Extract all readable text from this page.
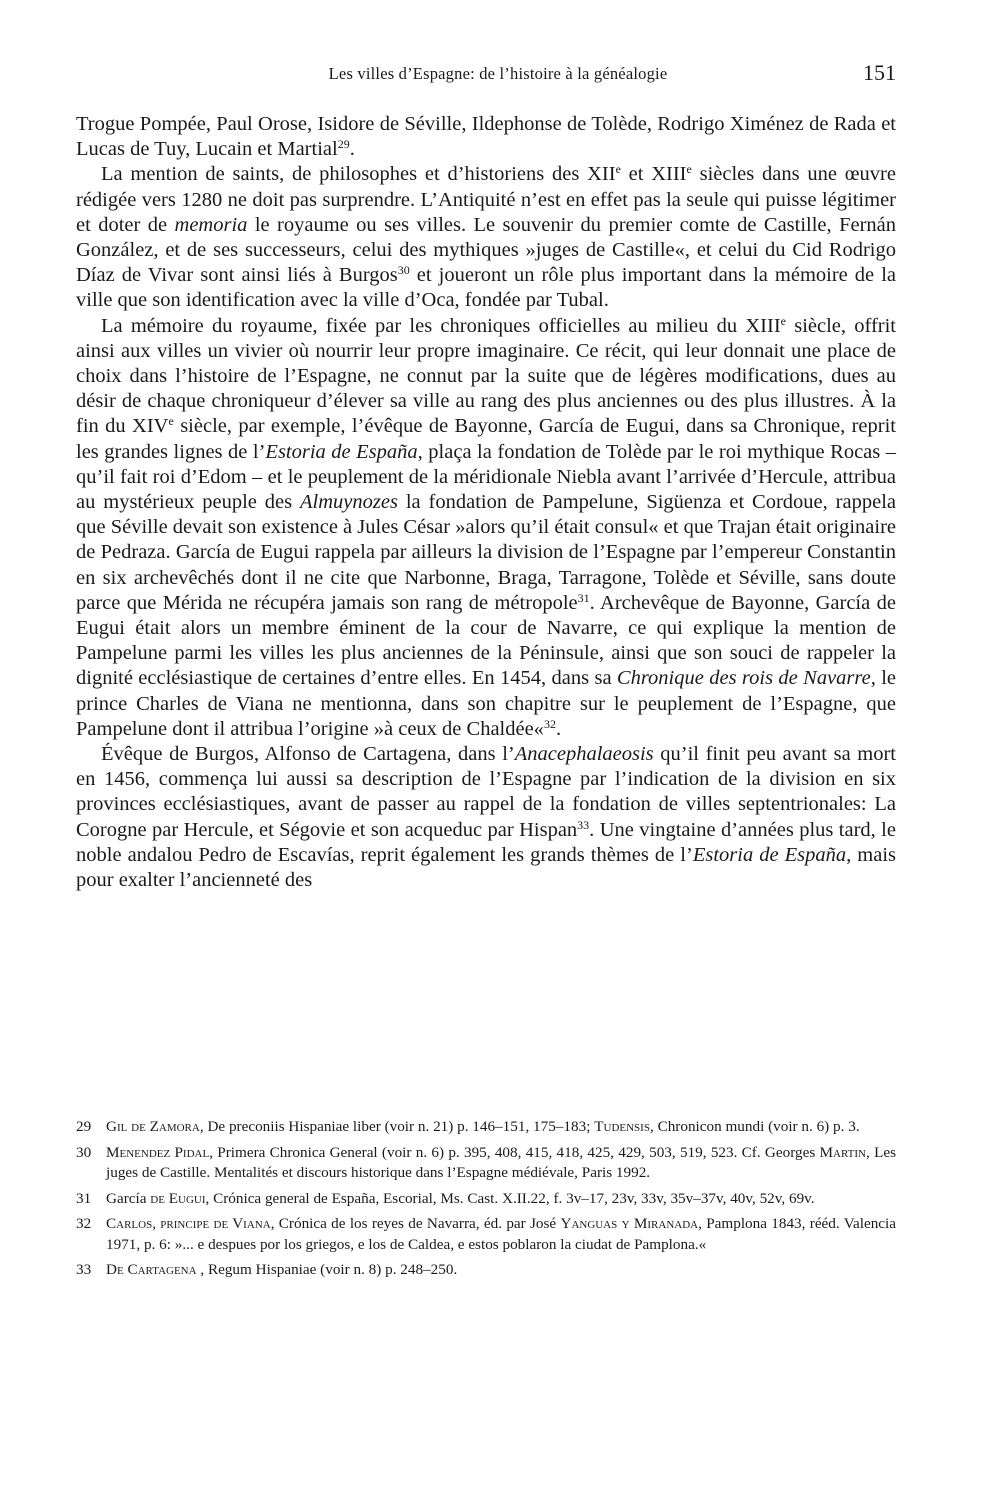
Les villes d’Espagne: de l’histoire à la généalogie	151

Trogue Pompée, Paul Orose, Isidore de Séville, Ildephonse de Tolède, Rodrigo Ximénez de Rada et Lucas de Tuy, Lucain et Martial$^{29}$.

La mention de saints, de philosophes et d’historiens des XIIe et XIIIe siècles dans une œuvre rédigée vers 1280 ne doit pas surprendre. L’Antiquité n’est en effet pas la seule qui puisse légitimer et doter de memoria le royaume ou ses villes. Le souvenir du premier comte de Castille, Fernán González, et de ses successeurs, celui des mythiques »juges de Castille«, et celui du Cid Rodrigo Díaz de Vivar sont ainsi liés à Burgos$^{30}$ et joueront un rôle plus important dans la mémoire de la ville que son identification avec la ville d’Oca, fondée par Tubal.

La mémoire du royaume, fixée par les chroniques officielles au milieu du XIIIe siècle, offrit ainsi aux villes un vivier où nourrir leur propre imaginaire. Ce récit, qui leur donnait une place de choix dans l’histoire de l’Espagne, ne connut par la suite que de légères modifications, dues au désir de chaque chroniqueur d’élever sa ville au rang des plus anciennes ou des plus illustres. À la fin du XIVe siècle, par exemple, l’évêque de Bayonne, García de Eugui, dans sa Chronique, reprit les grandes lignes de l’Estoria de España, plaça la fondation de Tolède par le roi mythique Rocas – qu’il fait roi d’Edom – et le peuplement de la méridionale Niebla avant l’arrivée d’Hercule, attribua au mystérieux peuple des Almuynozes la fondation de Pampelune, Sigüenza et Cordoue, rappela que Séville devait son existence à Jules César »alors qu’il était consul« et que Trajan était originaire de Pedraza. García de Eugui rappela par ailleurs la division de l’Espagne par l’empereur Constantin en six archevêchés dont il ne cite que Narbonne, Braga, Tarragone, Tolède et Séville, sans doute parce que Mérida ne récupéra jamais son rang de métropole$^{31}$. Archevêque de Bayonne, García de Eugui était alors un membre éminent de la cour de Navarre, ce qui explique la mention de Pampelune parmi les villes les plus anciennes de la Péninsule, ainsi que son souci de rappeler la dignité ecclésiastique de certaines d’entre elles. En 1454, dans sa Chronique des rois de Navarre, le prince Charles de Viana ne mentionna, dans son chapitre sur le peuplement de l’Espagne, que Pampelune dont il attribua l’origine »à ceux de Chaldée«$^{32}$.

Évêque de Burgos, Alfonso de Cartagena, dans l’Anacephalaeosis qu’il finit peu avant sa mort en 1456, commença lui aussi sa description de l’Espagne par l’indication de la division en six provinces ecclésiastiques, avant de passer au rappel de la fondation de villes septentrionales: La Corogne par Hercule, et Ségovie et son acqueduc par Hispan$^{33}$. Une vingtaine d’années plus tard, le noble andalou Pedro de Escavías, reprit également les grands thèmes de l’Estoria de España, mais pour exalter l’ancienneté des

29 Gil de Zamora, De preconiis Hispaniae liber (voir n. 21) p. 146–151, 175–183; Tudensis, Chronicon mundi (voir n. 6) p. 3.
30 Menendez Pidal, Primera Chronica General (voir n. 6) p. 395, 408, 415, 418, 425, 429, 503, 519, 523. Cf. Georges Martin, Les juges de Castille. Mentalités et discours historique dans l’Espagne médiévale, Paris 1992.
31 García de Eugui, Crónica general de España, Escorial, Ms. Cast. X.II.22, f. 3v–17, 23v, 33v, 35v–37v, 40v, 52v, 69v.
32 Carlos, principe de Viana, Crónica de los reyes de Navarra, éd. par José Yanguas y Miranada, Pamplona 1843, rééd. Valencia 1971, p. 6: »... e despues por los griegos, e los de Caldea, e estos poblaron la ciudat de Pamplona.«
33 De Cartagena , Regum Hispaniae (voir n. 8) p. 248–250.
